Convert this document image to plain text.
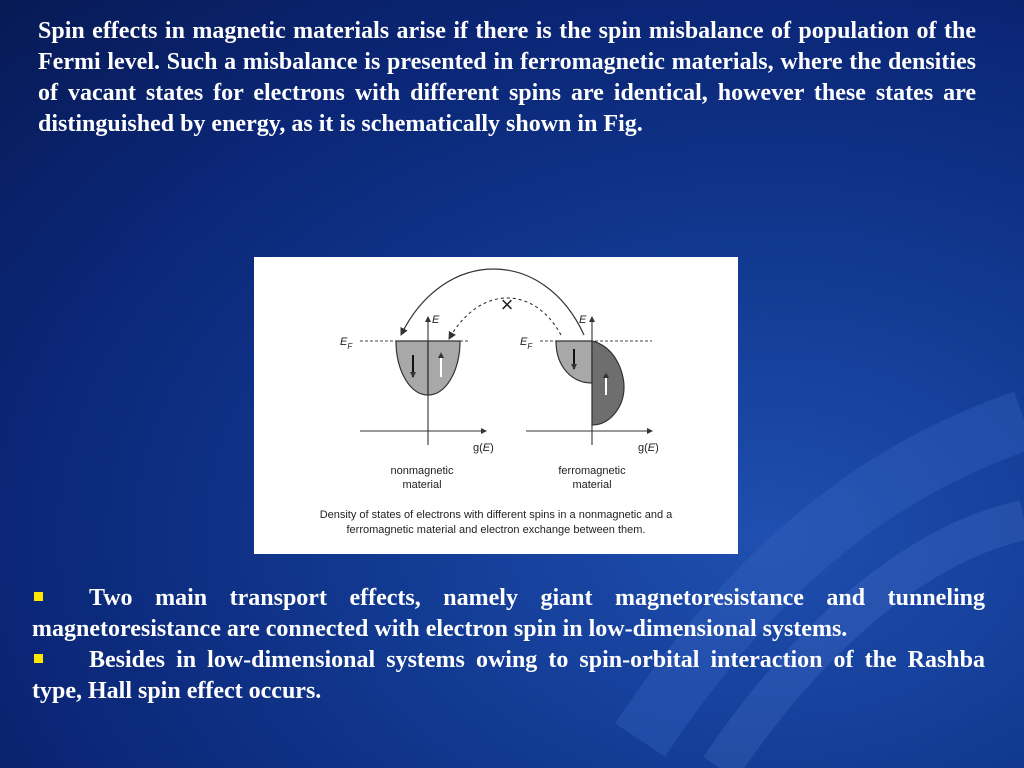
Spin effects in magnetic materials arise if there is the spin misbalance of population of the Fermi level. Such a misbalance is presented in ferromagnetic materials, where the densities of vacant states for electrons with different spins are identical, however these states are distinguished by energy, as it is schematically shown in Fig.
×
E
$E_F$
g(E)
nonmagnetic
material
E
$E_F$
g(E)
ferromagnetic
material
Density of states of electrons with different spins in a nonmagnetic and a
ferromagnetic material and electron exchange between them.

Two main transport effects, namely giant magnetoresistance and tunneling magnetoresistance are connected with electron spin in low-dimensional systems.

Besides in low-dimensional systems owing to spin-orbital interaction of the Rashba type, Hall spin effect occurs.
